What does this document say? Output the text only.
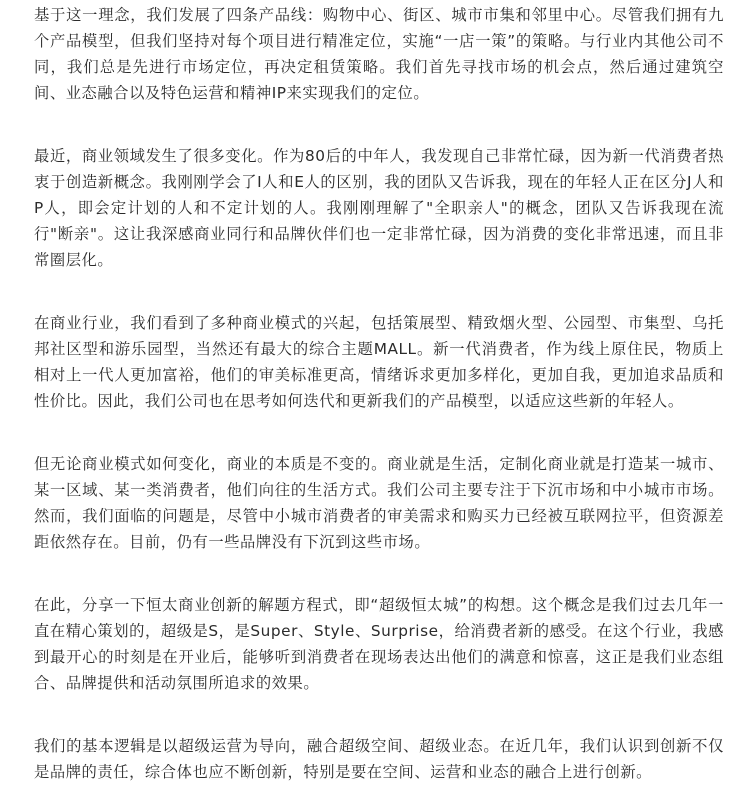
基于这一理念，我们发展了四条产品线：购物中心、街区、城市市集和邻里中心。尽管我们拥有九个产品模型，但我们坚持对每个项目进行精准定位，实施“一店一策”的策略。与行业内其他公司不同，我们总是先进行市场定位，再决定租赁策略。我们首先寻找市场的机会点，然后通过建筑空间、业态融合以及特色运营和精神IP来实现我们的定位。

最近，商业领域发生了很多变化。作为80后的中年人，我发现自己非常忙碌，因为新一代消费者热衷于创造新概念。我刚刚学会了I人和E人的区别，我的团队又告诉我，现在的年轻人正在区分J人和P人，即会定计划的人和不定计划的人。我刚刚理解了"全职亲人"的概念，团队又告诉我现在流行"断亲"。这让我深感商业同行和品牌伙伴们也一定非常忙碌，因为消费的变化非常迅速，而且非常圈层化。

在商业行业，我们看到了多种商业模式的兴起，包括策展型、精致烟火型、公园型、市集型、乌托邦社区型和游乐园型，当然还有最大的综合主题MALL。新一代消费者，作为线上原住民，物质上相对上一代人更加富裕，他们的审美标准更高，情绪诉求更加多样化，更加自我，更加追求品质和性价比。因此，我们公司也在思考如何迭代和更新我们的产品模型，以适应这些新的年轻人。

但无论商业模式如何变化，商业的本质是不变的。商业就是生活，定制化商业就是打造某一城市、某一区域、某一类消费者，他们向往的生活方式。我们公司主要专注于下沉市场和中小城市市场。然而，我们面临的问题是，尽管中小城市消费者的审美需求和购买力已经被互联网拉平，但资源差距依然存在。目前，仍有一些品牌没有下沉到这些市场。

在此，分享一下恒太商业创新的解题方程式，即“超级恒太城”的构想。这个概念是我们过去几年一直在精心策划的，超级是S，是Super、Style、Surprise，给消费者新的感受。在这个行业，我感到最开心的时刻是在开业后，能够听到消费者在现场表达出他们的满意和惊喜，这正是我们业态组合、品牌提供和活动氛围所追求的效果。

我们的基本逻辑是以超级运营为导向，融合超级空间、超级业态。在近几年，我们认识到创新不仅是品牌的责任，综合体也应不断创新，特别是要在空间、运营和业态的融合上进行创新。
